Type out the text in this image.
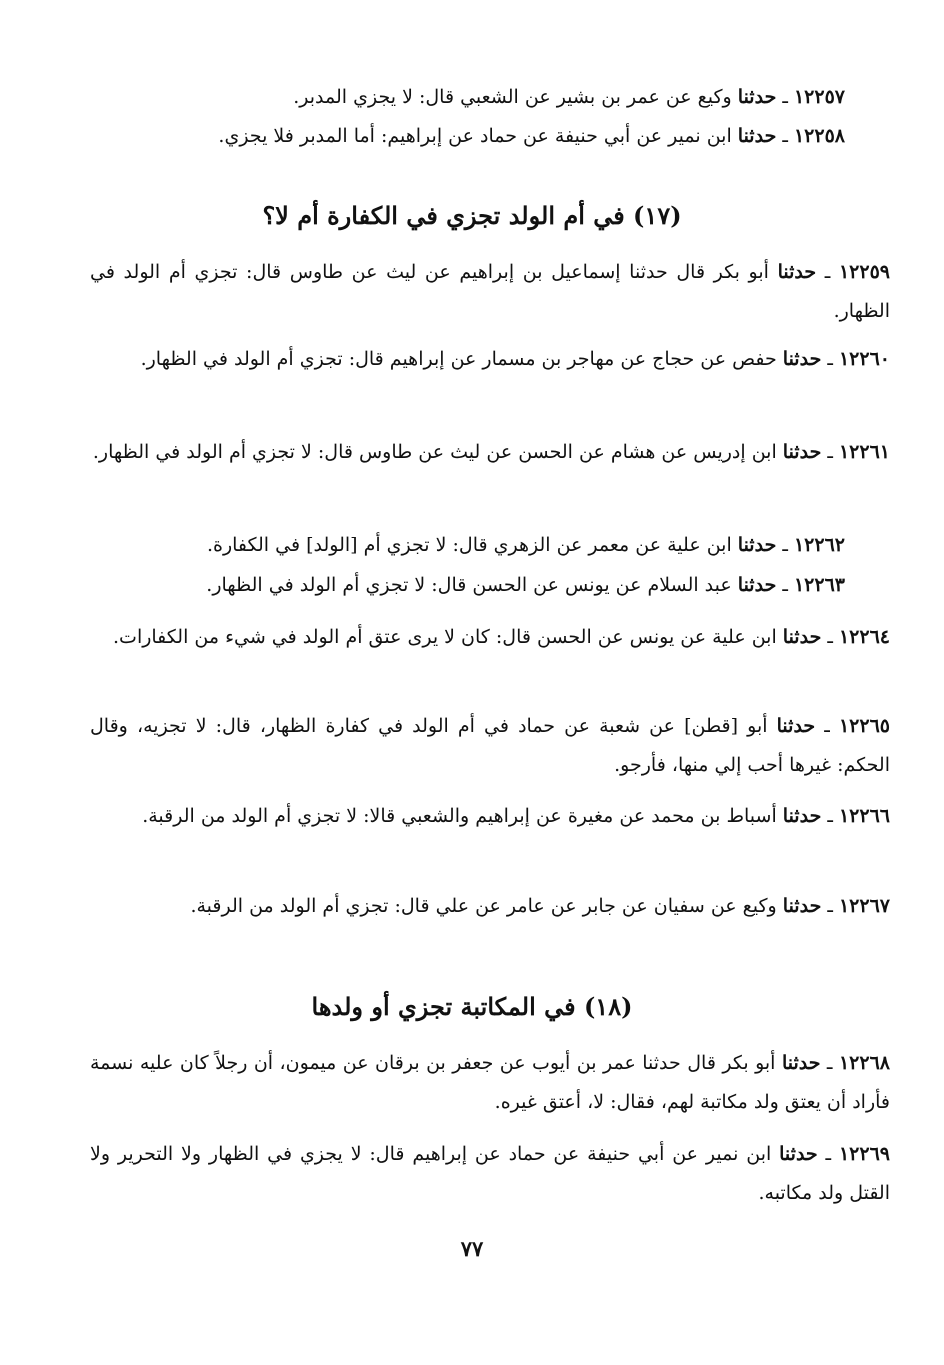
١٢٢٥٧ ـ حدثنا وكيع عن عمر بن بشير عن الشعبي قال: لا يجزي المدبر.

١٢٢٥٨ ـ حدثنا ابن نمير عن أبي حنيفة عن حماد عن إبراهيم: أما المدبر فلا يجزي.

(١٧) في أم الولد تجزي في الكفارة أم لا؟

١٢٢٥٩ ـ حدثنا أبو بكر قال حدثنا إسماعيل بن إبراهيم عن ليث عن طاوس قال: تجزي أم الولد في الظهار.

١٢٢٦٠ ـ حدثنا حفص عن حجاج عن مهاجر بن مسمار عن إبراهيم قال: تجزي أم الولد في الظهار.

١٢٢٦١ ـ حدثنا ابن إدريس عن هشام عن الحسن عن ليث عن طاوس قال: لا تجزي أم الولد في الظهار.

١٢٢٦٢ ـ حدثنا ابن علية عن معمر عن الزهري قال: لا تجزي أم [الولد] في الكفارة.

١٢٢٦٣ ـ حدثنا عبد السلام عن يونس عن الحسن قال: لا تجزي أم الولد في الظهار.

١٢٢٦٤ ـ حدثنا ابن علية عن يونس عن الحسن قال: كان لا يرى عتق أم الولد في شيء من الكفارات.

١٢٢٦٥ ـ حدثنا أبو [قطن] عن شعبة عن حماد في أم الولد في كفارة الظهار، قال: لا تجزيه، وقال الحكم: غيرها أحب إلي منها، فأرجو.

١٢٢٦٦ ـ حدثنا أسباط بن محمد عن مغيرة عن إبراهيم والشعبي قالا: لا تجزي أم الولد من الرقبة.

١٢٢٦٧ ـ حدثنا وكيع عن سفيان عن جابر عن عامر عن علي قال: تجزي أم الولد من الرقبة.

(١٨) في المكاتبة تجزي أو ولدها

١٢٢٦٨ ـ حدثنا أبو بكر قال حدثنا عمر بن أيوب عن جعفر بن برقان عن ميمون، أن رجلاً كان عليه نسمة فأراد أن يعتق ولد مكاتبة لهم، فقال: لا، أعتق غيره.

١٢٢٦٩ ـ حدثنا ابن نمير عن أبي حنيفة عن حماد عن إبراهيم قال: لا يجزي في الظهار ولا التحرير ولا القتل ولد مكاتبه.

٧٧
